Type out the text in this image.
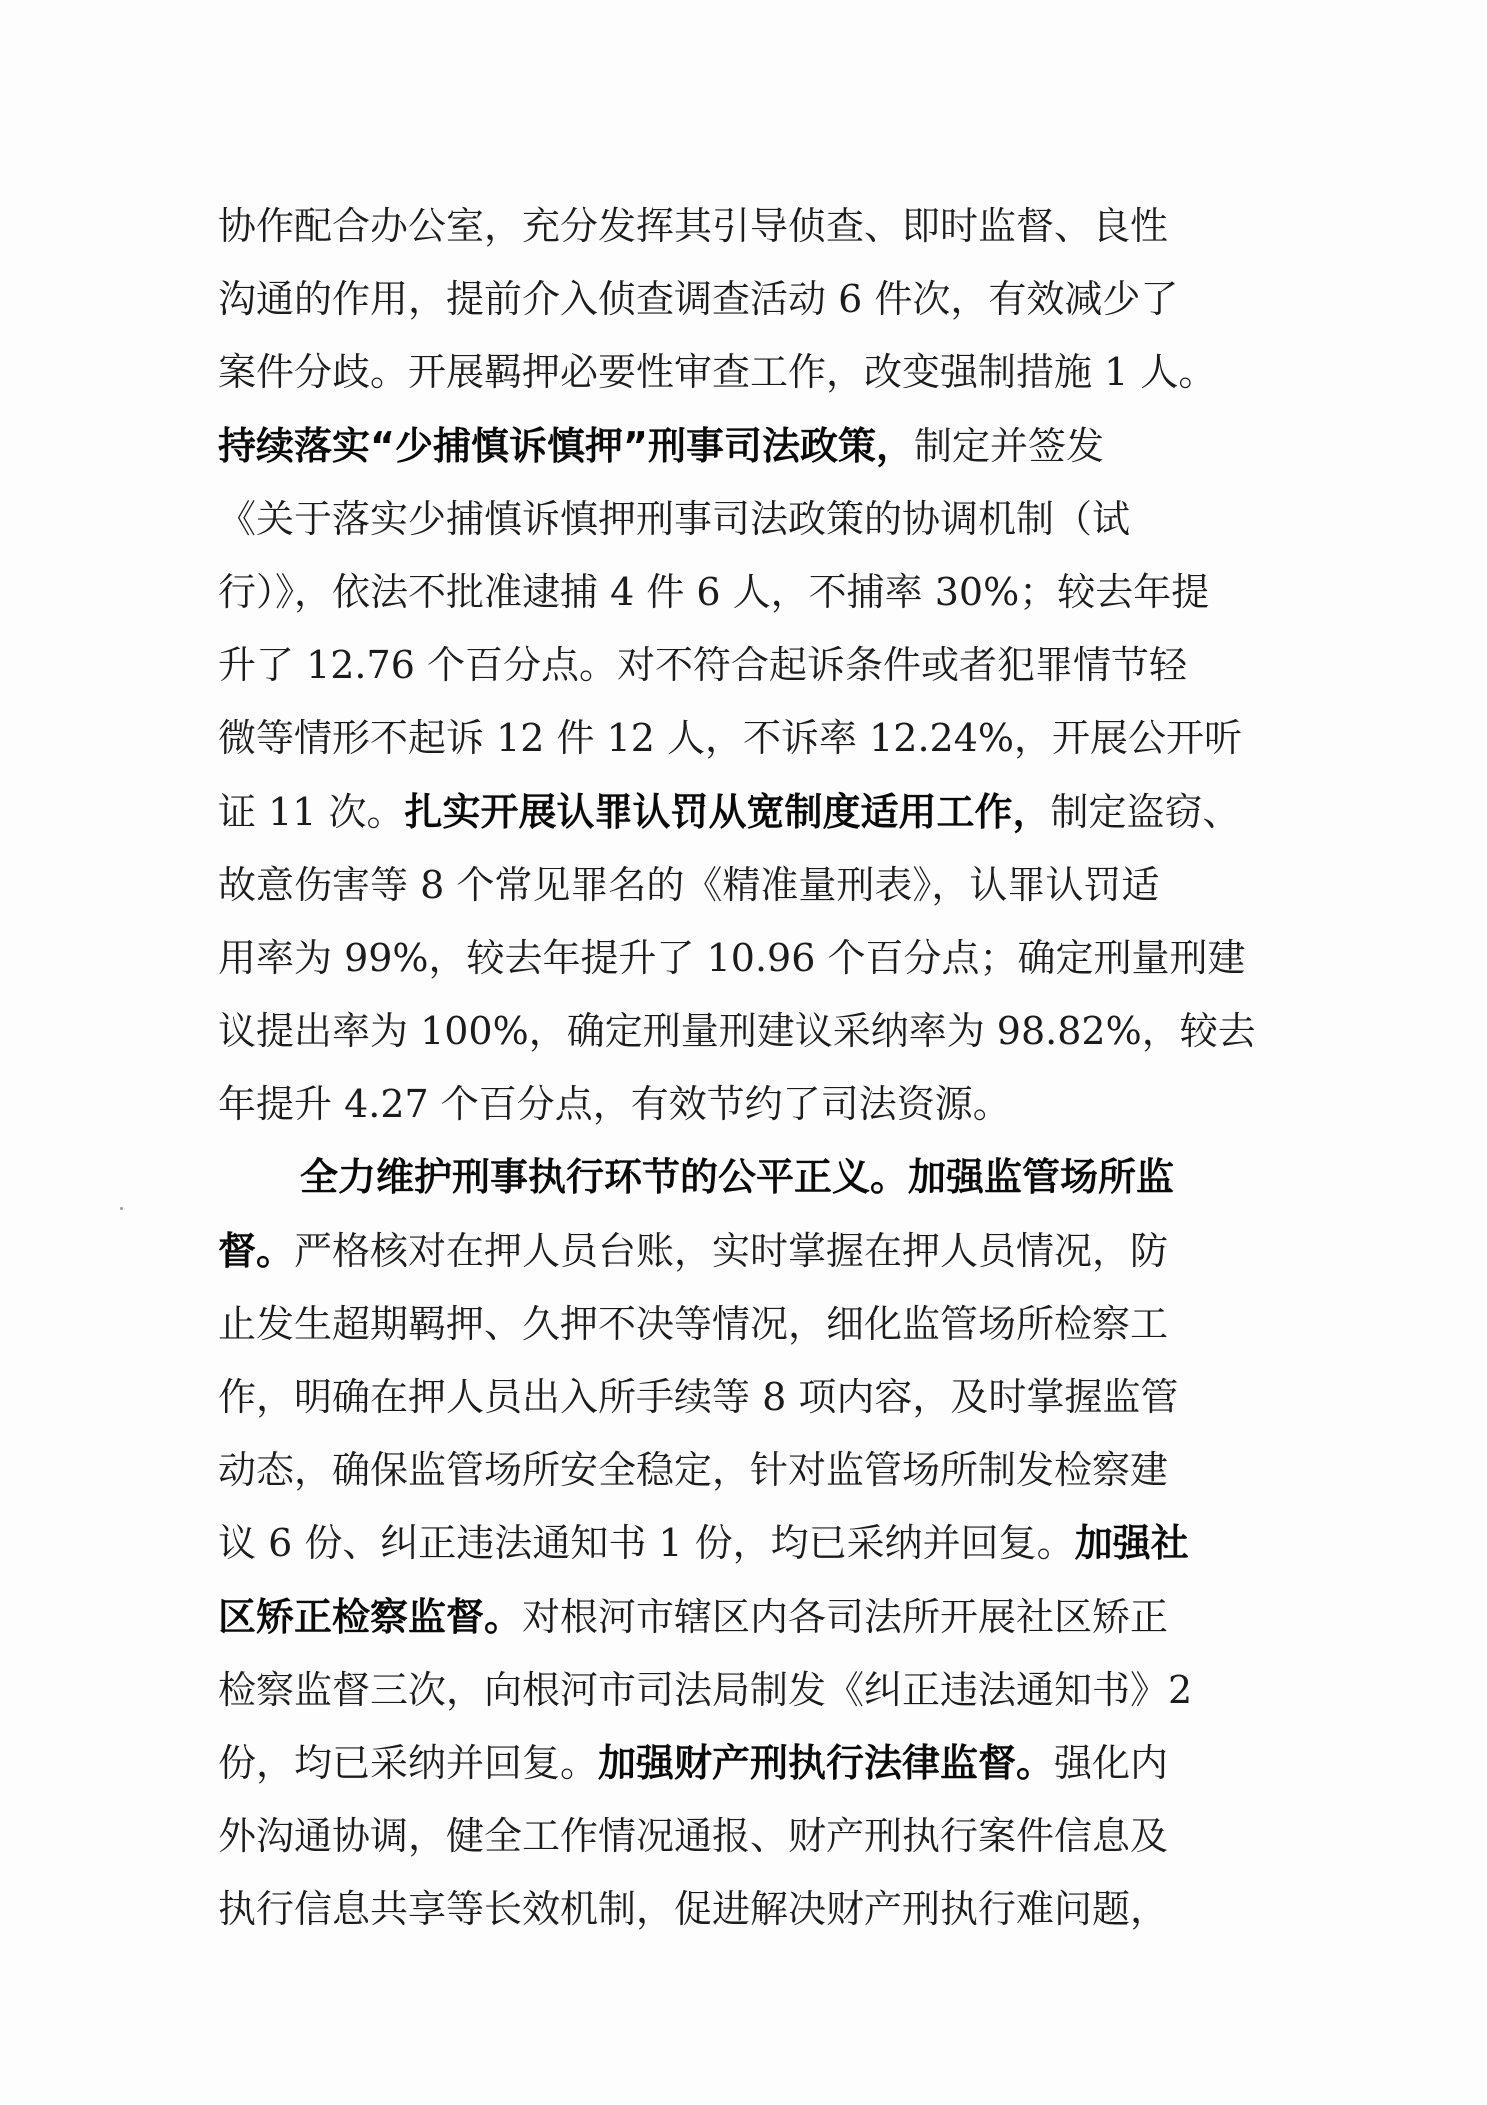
协作配合办公室，充分发挥其引导侦查、即时监督、良性
沟通的作用，提前介入侦查调查活动 6 件次，有效减少了
案件分歧。开展羁押必要性审查工作，改变强制措施 1 人。
持续落实“少捕慎诉慎押”刑事司法政策，制定并签发
《关于落实少捕慎诉慎押刑事司法政策的协调机制（试
行）》，依法不批准逮捕 4 件 6 人，不捕率 30%；较去年提
升了 12.76 个百分点。对不符合起诉条件或者犯罪情节轻
微等情形不起诉 12 件 12 人，不诉率 12.24%，开展公开听
证 11 次。扎实开展认罪认罚从宽制度适用工作，制定盗窃、
故意伤害等 8 个常见罪名的《精准量刑表》，认罪认罚适
用率为 99%，较去年提升了 10.96 个百分点；确定刑量刑建
议提出率为 100%，确定刑量刑建议采纳率为 98.82%，较去
年提升 4.27 个百分点，有效节约了司法资源。
全力维护刑事执行环节的公平正义。加强监管场所监
督。严格核对在押人员台账，实时掌握在押人员情况，防
止发生超期羁押、久押不决等情况，细化监管场所检察工
作，明确在押人员出入所手续等 8 项内容，及时掌握监管
动态，确保监管场所安全稳定，针对监管场所制发检察建
议 6 份、纠正违法通知书 1 份，均已采纳并回复。加强社
区矫正检察监督。对根河市辖区内各司法所开展社区矫正
检察监督三次，向根河市司法局制发《纠正违法通知书》2
份，均已采纳并回复。加强财产刑执行法律监督。强化内
外沟通协调，健全工作情况通报、财产刑执行案件信息及
执行信息共享等长效机制，促进解决财产刑执行难问题，
